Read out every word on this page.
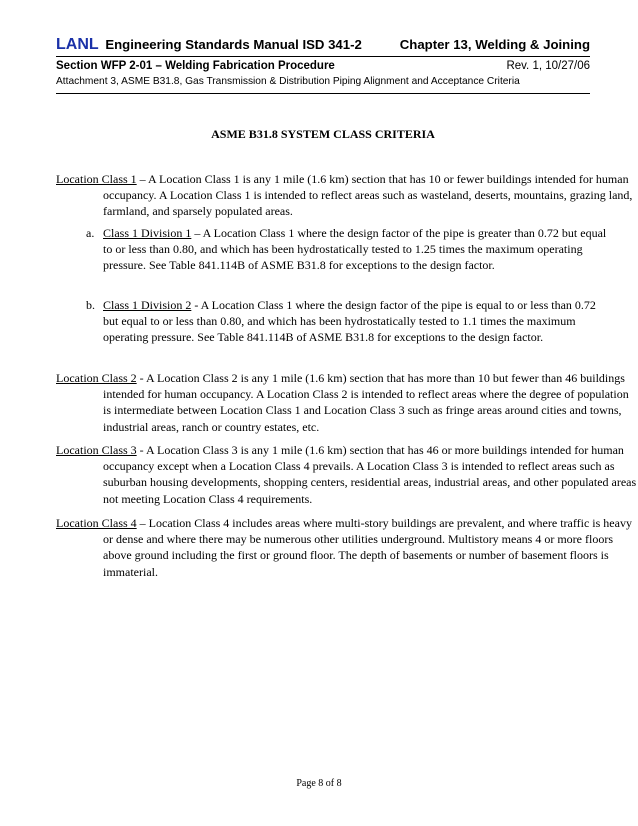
LANL Engineering Standards Manual ISD 341-2	Chapter 13, Welding & Joining
Section WFP 2-01 – Welding Fabrication Procedure	Rev. 1, 10/27/06
Attachment 3, ASME B31.8, Gas Transmission & Distribution Piping Alignment and Acceptance Criteria
ASME B31.8 SYSTEM CLASS CRITERIA
Location Class 1 – A Location Class 1 is any 1 mile (1.6 km) section that has 10 or fewer buildings intended for human occupancy. A Location Class 1 is intended to reflect areas such as wasteland, deserts, mountains, grazing land, farmland, and sparsely populated areas.
a. Class 1 Division 1 – A Location Class 1 where the design factor of the pipe is greater than 0.72 but equal to or less than 0.80, and which has been hydrostatically tested to 1.25 times the maximum operating pressure. See Table 841.114B of ASME B31.8 for exceptions to the design factor.
b. Class 1 Division 2 - A Location Class 1 where the design factor of the pipe is equal to or less than 0.72 but equal to or less than 0.80, and which has been hydrostatically tested to 1.1 times the maximum operating pressure. See Table 841.114B of ASME B31.8 for exceptions to the design factor.
Location Class 2 - A Location Class 2 is any 1 mile (1.6 km) section that has more than 10 but fewer than 46 buildings intended for human occupancy. A Location Class 2 is intended to reflect areas where the degree of population is intermediate between Location Class 1 and Location Class 3 such as fringe areas around cities and towns, industrial areas, ranch or country estates, etc.
Location Class 3 - A Location Class 3 is any 1 mile (1.6 km) section that has 46 or more buildings intended for human occupancy except when a Location Class 4 prevails. A Location Class 3 is intended to reflect areas such as suburban housing developments, shopping centers, residential areas, industrial areas, and other populated areas not meeting Location Class 4 requirements.
Location Class 4 – Location Class 4 includes areas where multi-story buildings are prevalent, and where traffic is heavy or dense and where there may be numerous other utilities underground. Multistory means 4 or more floors above ground including the first or ground floor. The depth of basements or number of basement floors is immaterial.
Page 8 of 8
